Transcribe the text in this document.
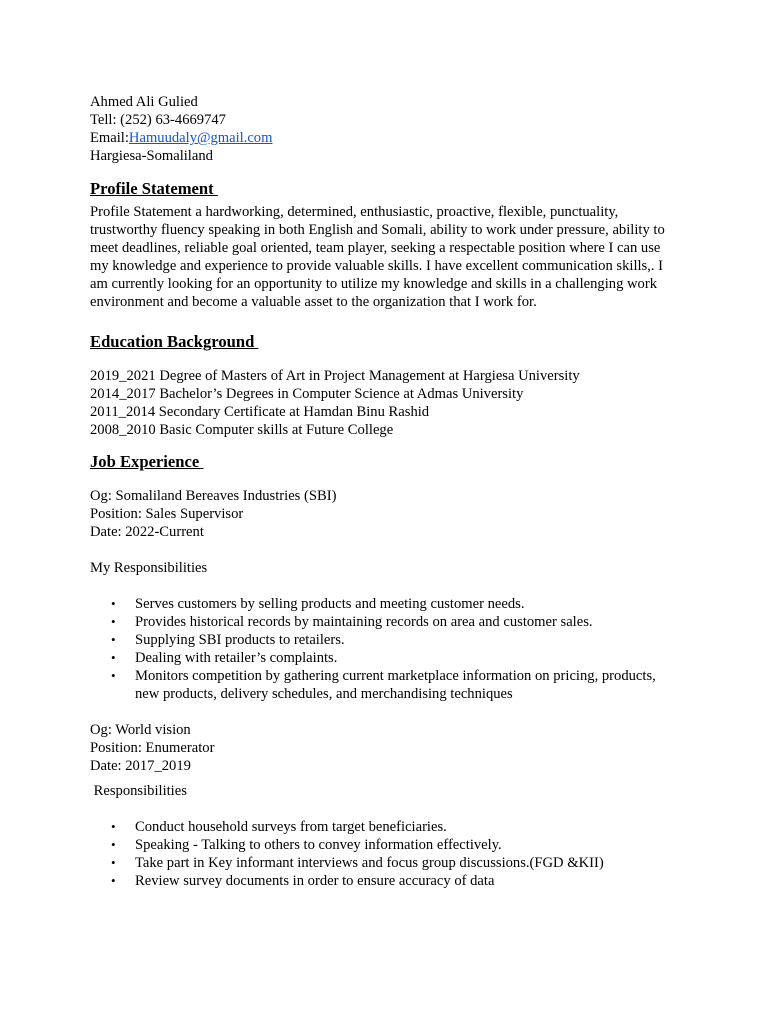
Ahmed Ali Gulied
Tell: (252) 63-4669747
Email:Hamuudaly@gmail.com
Hargiesa-Somaliland
Profile Statement

Profile Statement a hardworking, determined, enthusiastic, proactive, flexible, punctuality, trustworthy fluency speaking in both English and Somali, ability to work under pressure, ability to meet deadlines, reliable goal oriented, team player, seeking a respectable position where I can use my knowledge and experience to provide valuable skills. I have excellent communication skills,. I am currently looking for an opportunity to utilize my knowledge and skills in a challenging work environment and become a valuable asset to the organization that I work for.

Education Background
2019_2021 Degree of Masters of Art in Project Management at Hargiesa University
2014_2017 Bachelor’s Degrees in Computer Science at Admas University
2011_2014 Secondary Certificate at Hamdan Binu Rashid
2008_2010 Basic Computer skills at Future College
Job Experience
Og: Somaliland Bereaves Industries (SBI)
Position: Sales Supervisor
Date: 2022-Current
My Responsibilities
• Serves customers by selling products and meeting customer needs.
• Provides historical records by maintaining records on area and customer sales.
• Supplying SBI products to retailers.
• Dealing with retailer’s complaints.
• Monitors competition by gathering current marketplace information on pricing, products, new products, delivery schedules, and merchandising techniques
Og: World vision
Position: Enumerator
Date: 2017_2019
Responsibilities
• Conduct household surveys from target beneficiaries.
• Speaking - Talking to others to convey information effectively.
• Take part in Key informant interviews and focus group discussions.(FGD &KII)
• Review survey documents in order to ensure accuracy of data
